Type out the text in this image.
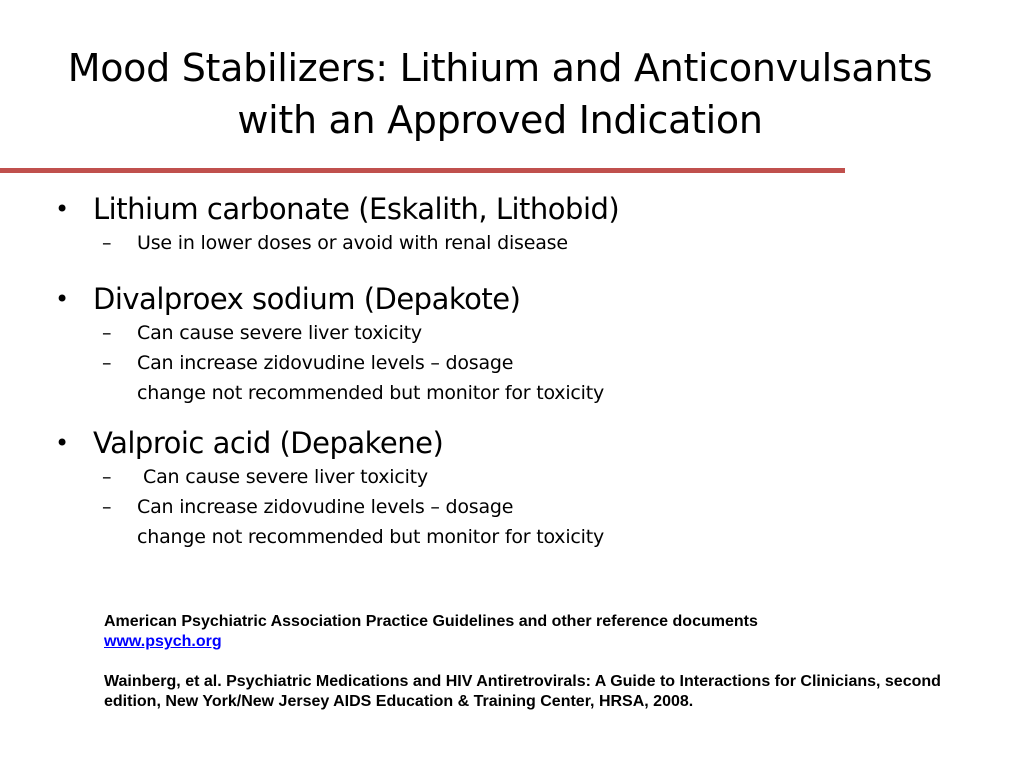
Mood Stabilizers: Lithium and Anticonvulsants
with an Approved Indication
• Lithium carbonate (Eskalith, Lithobid)
– Use in lower doses or avoid with renal disease
• Divalproex sodium (Depakote)
– Can cause severe liver toxicity
– Can increase zidovudine levels – dosage
change not recommended but monitor for toxicity
• Valproic acid (Depakene)
– Can cause severe liver toxicity
– Can increase zidovudine levels – dosage
change not recommended but monitor for toxicity
American Psychiatric Association Practice Guidelines and other reference documents
www.psych.org
Wainberg, et al. Psychiatric Medications and HIV Antiretrovirals: A Guide to Interactions for Clinicians, second edition, New York/New Jersey AIDS Education & Training Center, HRSA, 2008.
